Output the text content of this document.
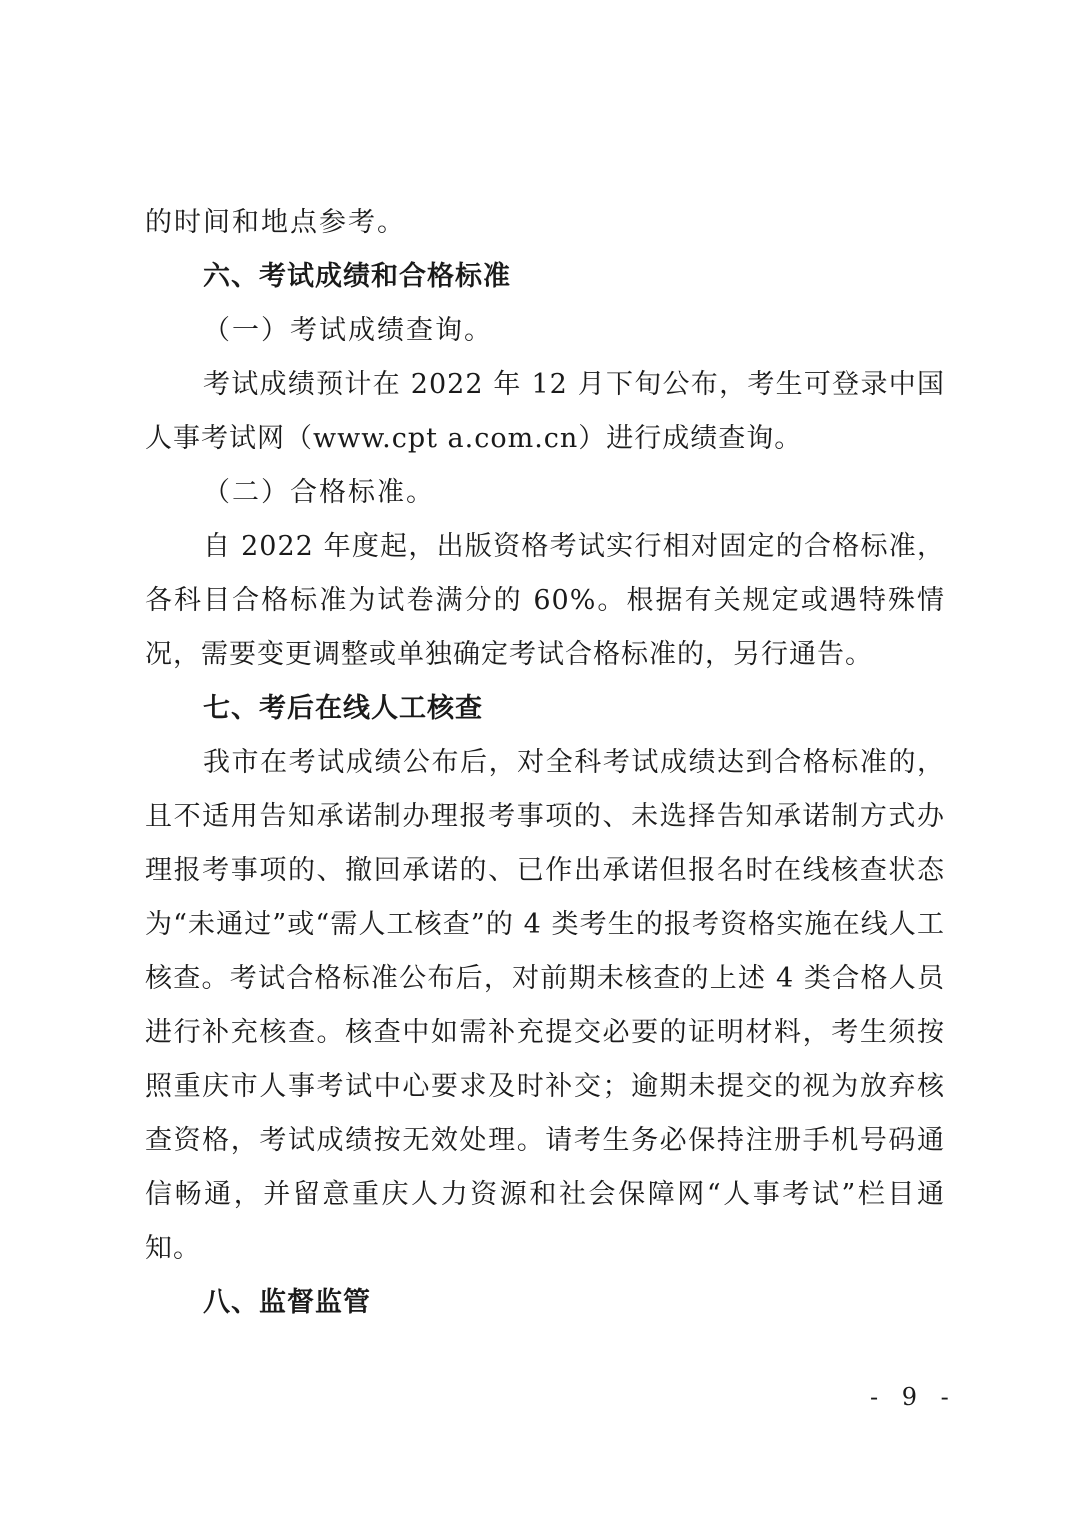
的时间和地点参考。
六、考试成绩和合格标准
（一）考试成绩查询。
考试成绩预计在 2022 年 12 月下旬公布，考生可登录中国人事考试网（www.cpt a.com.cn）进行成绩查询。
（二）合格标准。
自 2022 年度起，出版资格考试实行相对固定的合格标准，各科目合格标准为试卷满分的 60%。根据有关规定或遇特殊情况，需要变更调整或单独确定考试合格标准的，另行通告。
七、考后在线人工核查
我市在考试成绩公布后，对全科考试成绩达到合格标准的，且不适用告知承诺制办理报考事项的、未选择告知承诺制方式办理报考事项的、撤回承诺的、已作出承诺但报名时在线核查状态为“未通过”或“需人工核查”的 4 类考生的报考资格实施在线人工核查。考试合格标准公布后，对前期未核查的上述 4 类合格人员进行补充核查。核查中如需补充提交必要的证明材料，考生须按照重庆市人事考试中心要求及时补交；逾期未提交的视为放弃核查资格，考试成绩按无效处理。请考生务必保持注册手机号码通信畅通，并留意重庆人力资源和社会保障网“人事考试”栏目通知。
八、监督监管
- 9 -
